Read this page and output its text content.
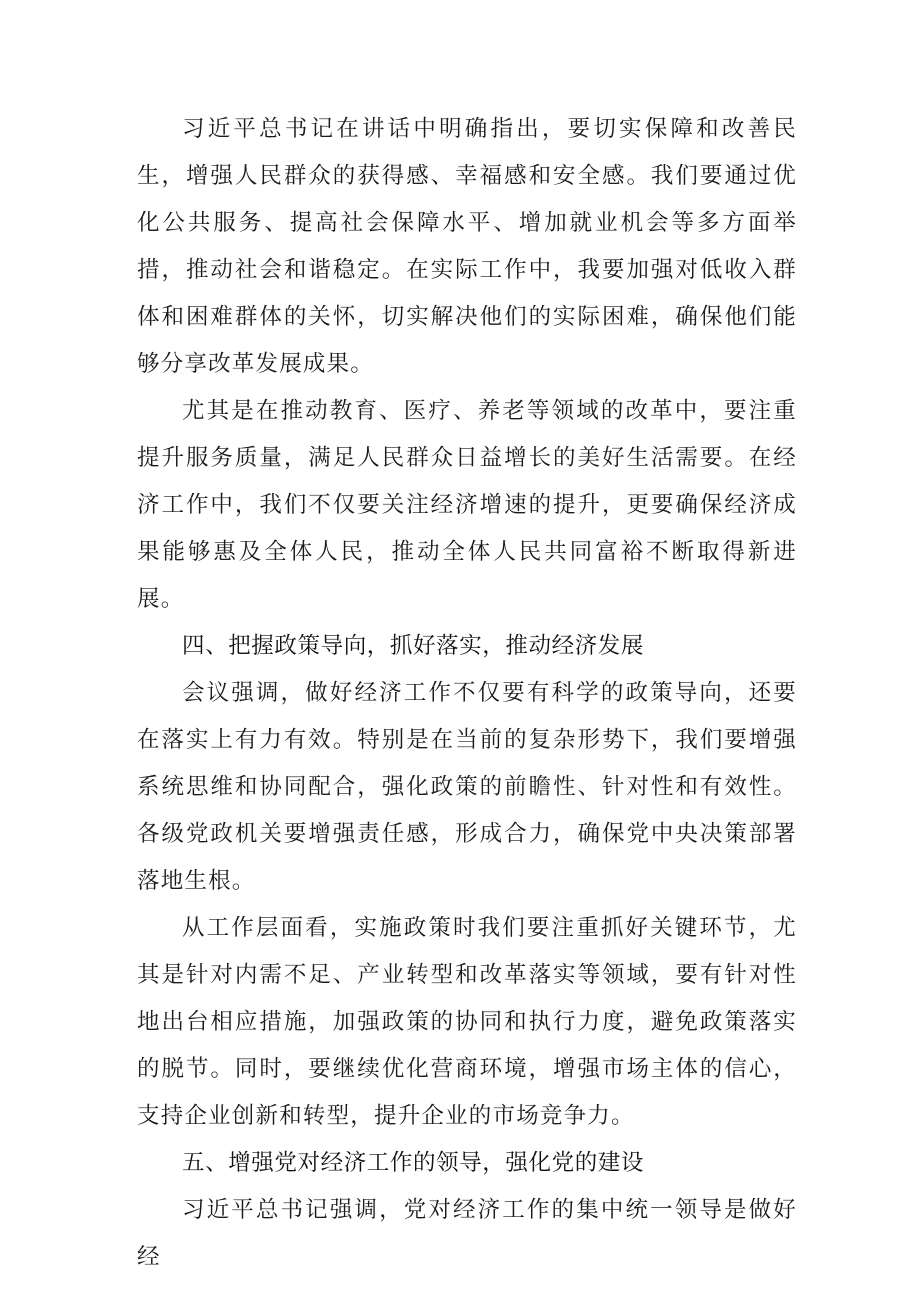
习近平总书记在讲话中明确指出，要切实保障和改善民生，增强人民群众的获得感、幸福感和安全感。我们要通过优化公共服务、提高社会保障水平、增加就业机会等多方面举措，推动社会和谐稳定。在实际工作中，我要加强对低收入群体和困难群体的关怀，切实解决他们的实际困难，确保他们能够分享改革发展成果。

尤其是在推动教育、医疗、养老等领域的改革中，要注重提升服务质量，满足人民群众日益增长的美好生活需要。在经济工作中，我们不仅要关注经济增速的提升，更要确保经济成果能够惠及全体人民，推动全体人民共同富裕不断取得新进展。

四、把握政策导向，抓好落实，推动经济发展

会议强调，做好经济工作不仅要有科学的政策导向，还要在落实上有力有效。特别是在当前的复杂形势下，我们要增强系统思维和协同配合，强化政策的前瞻性、针对性和有效性。各级党政机关要增强责任感，形成合力，确保党中央决策部署落地生根。

从工作层面看，实施政策时我们要注重抓好关键环节，尤其是针对内需不足、产业转型和改革落实等领域，要有针对性地出台相应措施，加强政策的协同和执行力度，避免政策落实的脱节。同时，要继续优化营商环境，增强市场主体的信心，支持企业创新和转型，提升企业的市场竞争力。

五、增强党对经济工作的领导，强化党的建设

习近平总书记强调，党对经济工作的集中统一领导是做好经
